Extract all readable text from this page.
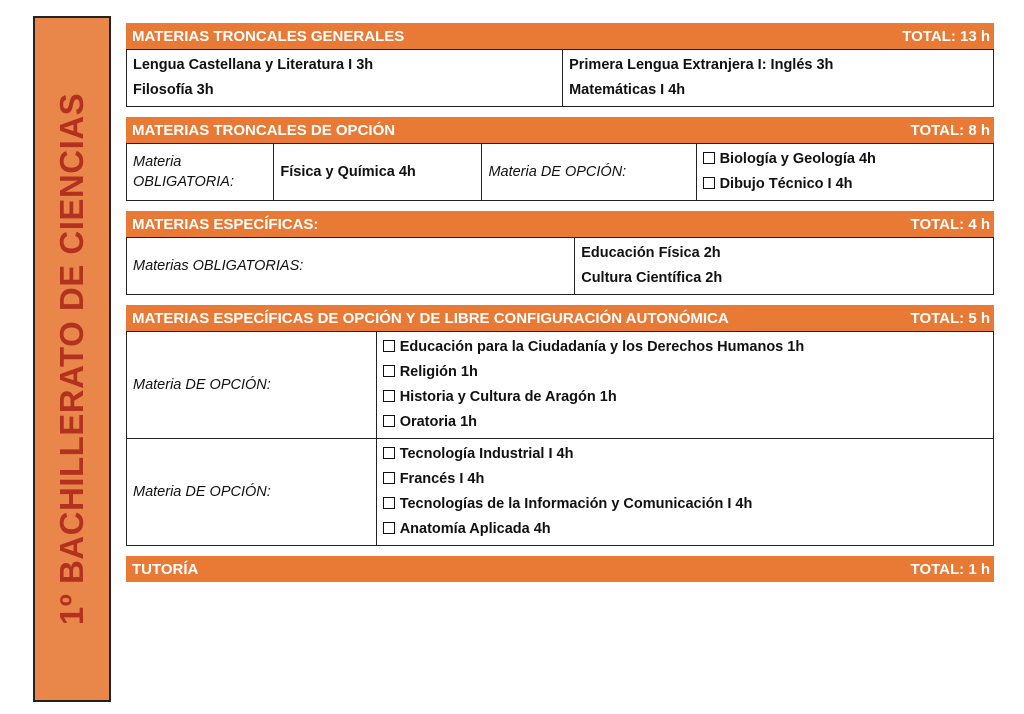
1º BACHILLERATO DE CIENCIAS
MATERIAS TRONCALES GENERALES	TOTAL: 13 h
Lengua Castellana y Literatura I 3h
Filosofía 3h

Primera Lengua Extranjera I: Inglés 3h
Matemáticas I 4h
MATERIAS TRONCALES DE OPCIÓN	TOTAL: 8 h
Materia OBLIGATORIA:	Física y Química 4h	Materia DE OPCIÓN:	
Biología y Geología 4h
Dibujo Técnico I 4h
MATERIAS ESPECÍFICAS:	TOTAL: 4 h
Materias OBLIGATORIAS:	
Educación Física 2h
Cultura Científica 2h
MATERIAS ESPECÍFICAS DE OPCIÓN Y DE LIBRE CONFIGURACIÓN AUTONÓMICA	TOTAL: 5 h
Materia DE OPCIÓN:	Educación para la Ciudadanía y los Derechos Humanos 1h
Religión 1h
Historia y Cultura de Aragón 1h
Oratoria 1h

Materia DE OPCIÓN:	Tecnología Industrial I 4h
Francés I 4h
Tecnologías de la Información y Comunicación I 4h
Anatomía Aplicada 4h
TUTORÍA	TOTAL: 1 h
